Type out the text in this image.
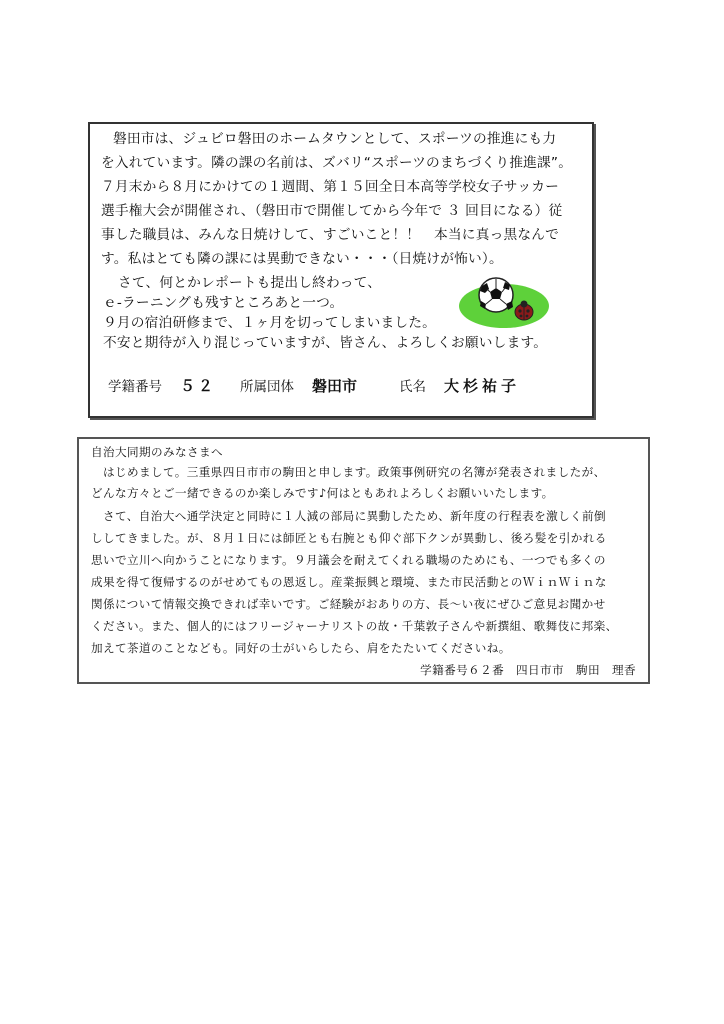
磐田市は、ジュビロ磐田のホームタウンとして、スポーツの推進にも力
を入れています。隣の課の名前は、ズバリ“スポーツのまちづくり推進課”。
７月末から８月にかけての１週間、第１５回全日本高等学校女子サッカー
選手権大会が開催され、（磐田市で開催してから今年で ３ 回目になる）従
事した職員は、みんな日焼けして、すごいこと！！　本当に真っ黒なんで
す。私はとても隣の課には異動できない・・・（日焼けが怖い）。
さて、何とかレポートも提出し終わって、
ｅ-ラーニングも残すところあと一つ。
９月の宿泊研修まで、１ヶ月を切ってしまいました。
不安と期待が入り混じっていますが、皆さん、よろしくお願いします。
学籍番号 ５２ 所属団体 磐田市	氏名 大杉祐子
自治大同期のみなさまへ
はじめまして。三重県四日市市の駒田と申します。政策事例研究の名簿が発表されましたが、
どんな方々とご一緒できるのか楽しみです♪何はともあれよろしくお願いいたします。
さて、自治大へ通学決定と同時に１人減の部局に異動したため、新年度の行程表を激しく前倒
ししてきました。が、８月１日には師匠とも右腕とも仰ぐ部下クンが異動し、後ろ髪を引かれる
思いで立川へ向かうことになります。９月議会を耐えてくれる職場のためにも、一つでも多くの
成果を得て復帰するのがせめてもの恩返し。産業振興と環境、また市民活動とのＷｉｎＷｉｎな
関係について情報交換できれば幸いです。ご経験がおありの方、長～い夜にぜひご意見お聞かせ
ください。また、個人的にはフリージャーナリストの故・千葉敦子さんや新撰組、歌舞伎に邦楽、
加えて茶道のことなども。同好の士がいらしたら、肩をたたいてくださいね。
学籍番号６２番　四日市市　駒田　理香
